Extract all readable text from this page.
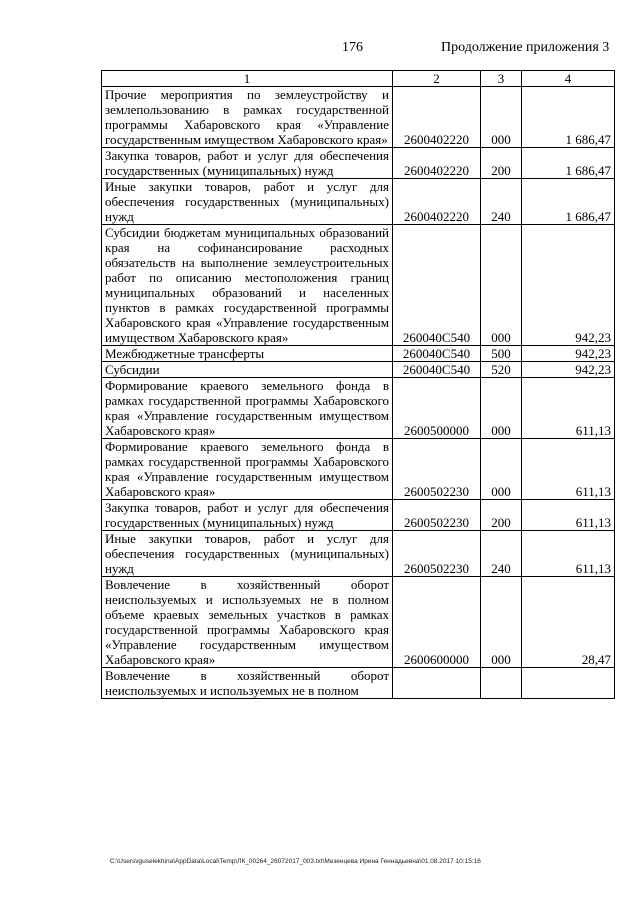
176	Продолжение приложения 3
1	2	3	4
Прочие мероприятия по землеустройству и землепользованию в рамках государственной программы Хабаровского края «Управление государственным имуществом Хабаровского края»	2600402220	000	1 686,47
Закупка товаров, работ и услуг для обеспечения государственных (муниципальных) нужд	2600402220	200	1 686,47
Иные закупки товаров, работ и услуг для обеспечения государственных (муниципальных) нужд	2600402220	240	1 686,47
Субсидии бюджетам муниципальных образований края на софинансирование расходных обязательств на выполнение землеустроительных работ по описанию местоположения границ муниципальных образований и населенных пунктов в рамках государственной программы Хабаровского края «Управление государственным имуществом Хабаровского края»	260040С540	000	942,23
Межбюджетные трансферты	260040С540	500	942,23
Субсидии	260040С540	520	942,23
Формирование краевого земельного фонда в рамках государственной программы Хабаровского края «Управление государственным имуществом Хабаровского края»	2600500000	000	611,13
Формирование краевого земельного фонда в рамках государственной программы Хабаровского края «Управление государственным имуществом Хабаровского края»	2600502230	000	611,13
Закупка товаров, работ и услуг для обеспечения государственных (муниципальных) нужд	2600502230	200	611,13
Иные закупки товаров, работ и услуг для обеспечения государственных (муниципальных) нужд	2600502230	240	611,13
Вовлечение в хозяйственный оборот неиспользуемых и используемых не в полном объеме краевых земельных участков в рамках государственной программы Хабаровского края «Управление государственным имуществом Хабаровского края»	2600600000	000	28,47
Вовлечение в хозяйственный оборот неиспользуемых и используемых не в полном			
C:\Users\iguselekhina\AppData\Local\Temp\ЛК_00264_26072017_003.txt\Мезенцева Ирина Геннадьевна\01.08.2017 10:15:16
